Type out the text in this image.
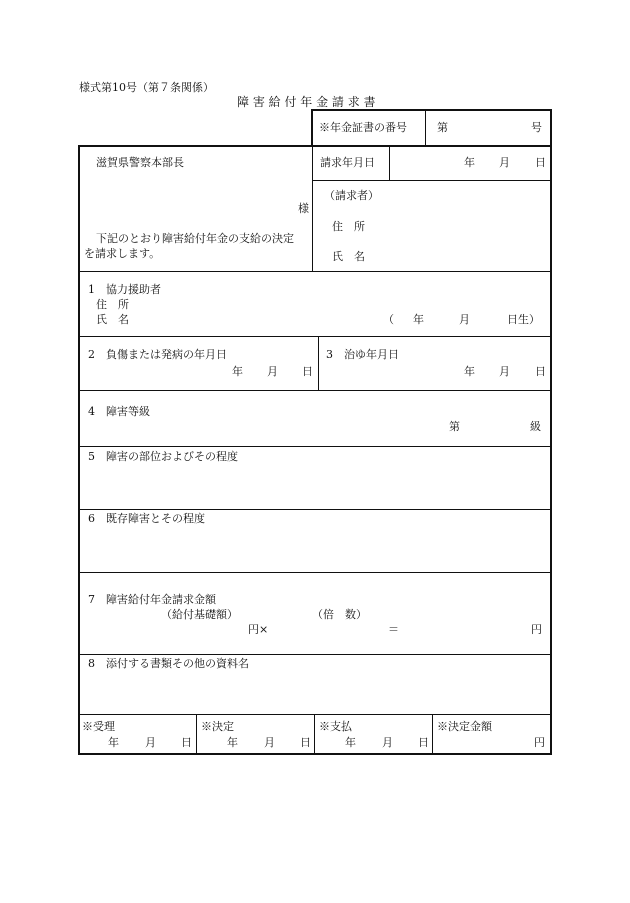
様式第10号（第７条関係）
障 害 給 付 年 金 請 求 書
※年金証書の番号	第	号
滋賀県警察本部長
様
下記のとおり障害給付年金の支給の決定
を請求します。
請求年月日	年 月 日
（請求者）
住　所
氏　名
1　協力援助者
住　所
氏　名	（ 年	月	日生）
2　負傷または発病の年月日
年 月 日
3　治ゆ年月日
年 月 日
4　障害等級
第	級
5　障害の部位およびその程度
6　既存障害とその程度
7　障害給付年金請求金額
（給付基礎額）	（倍　数）
円×	＝	円
8　添付する書類その他の資料名
※受理
年 月 日
※決定
年 月 日
※支払
年 月 日
※決定金額
円
